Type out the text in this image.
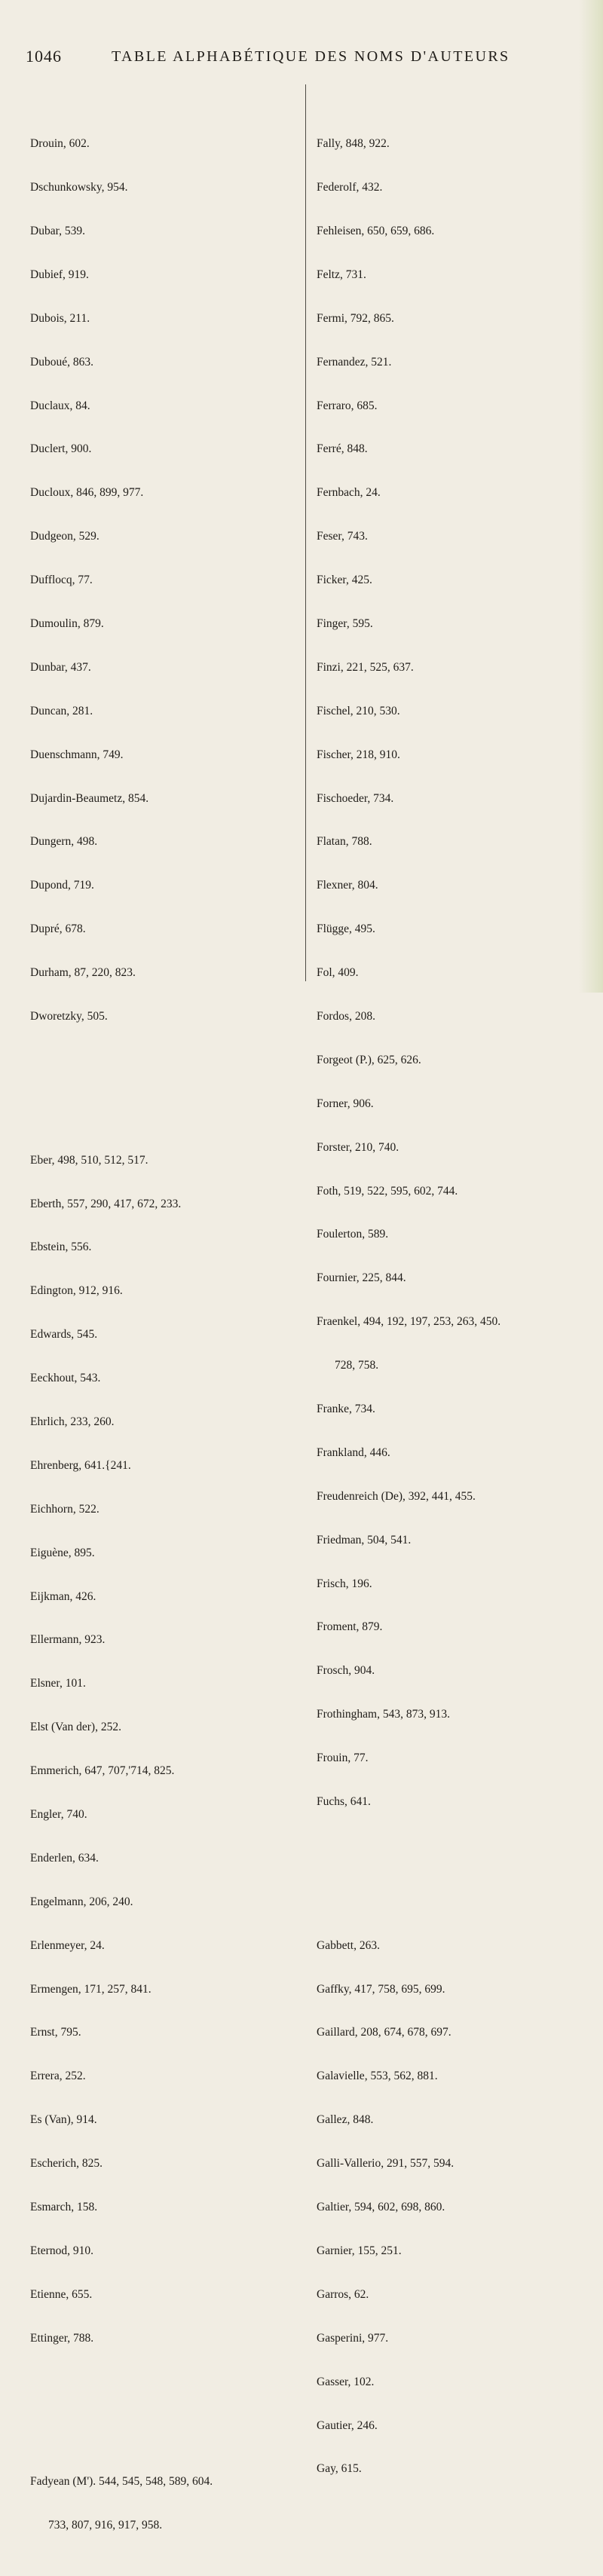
1046	TABLE ALPHABÉTIQUE DES NOMS D'AUTEURS

Drouin, 602.

Dschunkowsky, 954.

Dubar, 539.

Dubief, 919.

Dubois, 211.

Duboué, 863.

Duclaux, 84.

Duclert, 900.

Ducloux, 846, 899, 977.

Dudgeon, 529.

Dufflocq, 77.

Dumoulin, 879.

Dunbar, 437.

Duncan, 281.

Duenschmann, 749.

Dujardin-Beaumetz, 854.

Dungern, 498.

Dupond, 719.

Dupré, 678.

Durham, 87, 220, 823.

Dworetzky, 505.

Eber, 498, 510, 512, 517.

Eberth, 557, 290, 417, 672, 233.

Ebstein, 556.

Edington, 912, 916.

Edwards, 545.

Eeckhout, 543.

Ehrlich, 233, 260.

Ehrenberg, 641.{241.

Eichhorn, 522.

Eiguène, 895.

Eijkman, 426.

Ellermann, 923.

Elsner, 101.

Elst (Van der), 252.

Emmerich, 647, 707,'714, 825.

Engler, 740.

Enderlen, 634.

Engelmann, 206, 240.

Erlenmeyer, 24.

Ermengen, 171, 257, 841.

Ernst, 795.

Errera, 252.

Es (Van), 914.

Escherich, 825.

Esmarch, 158.

Eternod, 910.

Etienne, 655.

Ettinger, 788.

Fadyean (M'). 544, 545, 548, 589, 604.

733, 807, 916, 917, 958.

Fally, 848, 922.

Federolf, 432.

Fehleisen, 650, 659, 686.

Feltz, 731.

Fermi, 792, 865.

Fernandez, 521.

Ferraro, 685.

Ferré, 848.

Fernbach, 24.

Feser, 743.

Ficker, 425.

Finger, 595.

Finzi, 221, 525, 637.

Fischel, 210, 530.

Fischer, 218, 910.

Fischoeder, 734.

Flatan, 788.

Flexner, 804.

Flügge, 495.

Fol, 409.

Fordos, 208.

Forgeot (P.), 625, 626.

Forner, 906.

Forster, 210, 740.

Foth, 519, 522, 595, 602, 744.

Foulerton, 589.

Fournier, 225, 844.

Fraenkel, 494, 192, 197, 253, 263, 450.

728, 758.

Franke, 734.

Frankland, 446.

Freudenreich (De), 392, 441, 455.

Friedman, 504, 541.

Frisch, 196.

Froment, 879.

Frosch, 904.

Frothingham, 543, 873, 913.

Frouin, 77.

Fuchs, 641.

Gabbett, 263.

Gaffky, 417, 758, 695, 699.

Gaillard, 208, 674, 678, 697.

Galavielle, 553, 562, 881.

Gallez, 848.

Galli-Vallerio, 291, 557, 594.

Galtier, 594, 602, 698, 860.

Garnier, 155, 251.

Garros, 62.

Gasperini, 977.

Gasser, 102.

Gautier, 246.

Gay, 615.
